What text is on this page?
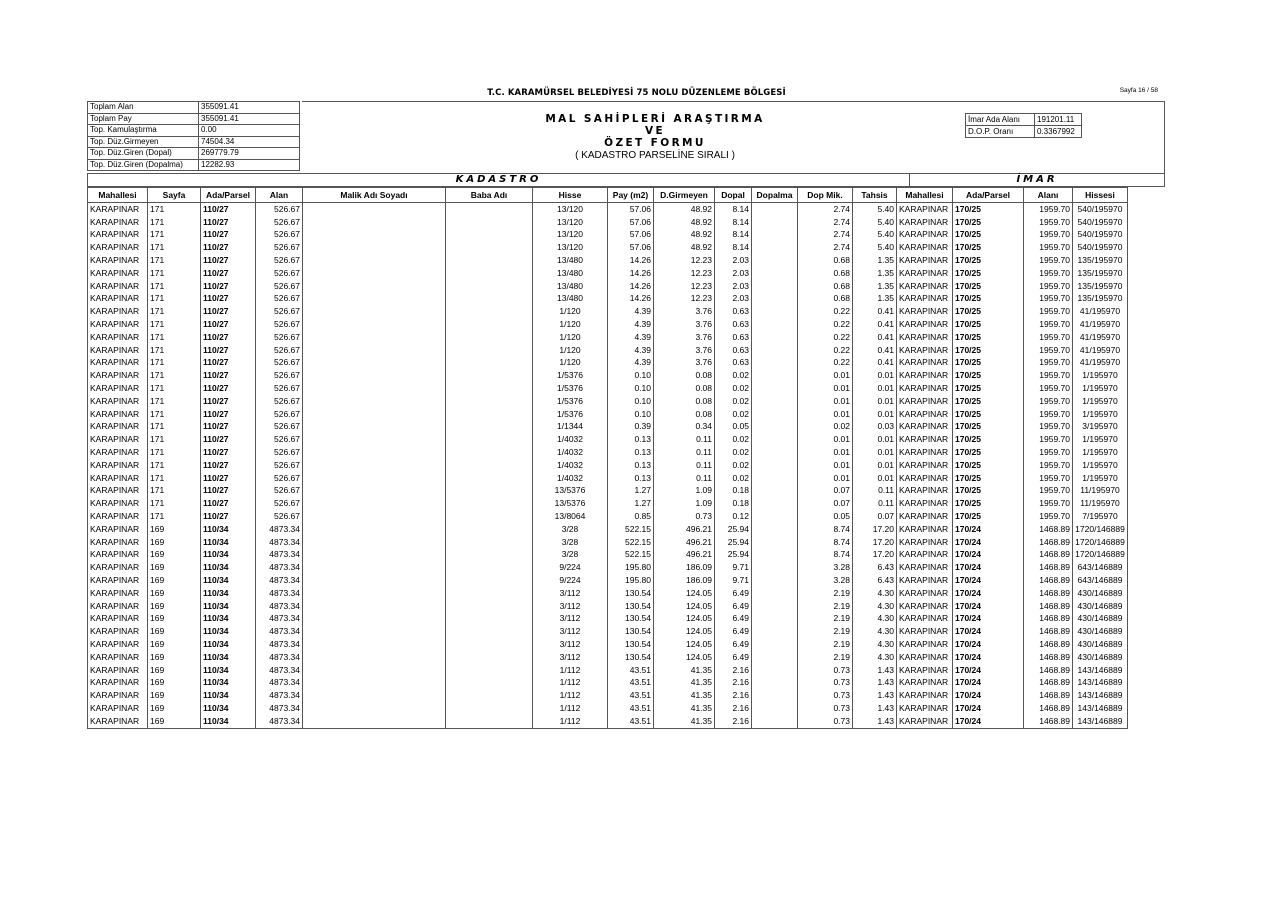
T.C. KARAMÜRSEL BELEDİYESİ 75 NOLU DÜZENLEME BÖLGESİ	Sayfa 16 / 58
Toplam Alan	355091.41
Toplam Pay	355091.41
Top. Kamulaştırma	0.00
Top. Düz.Girmeyen	74504.34
Top. Düz.Giren (Dopal)	269779.79
Top. Düz.Giren (Dopalma)	12282.93
MAL SAHİPLERİ ARAŞTIRMA
VE
ÖZET FORMU
( KADASTRO PARSELİNE SIRALI )
İmar Ada Alanı	191201.11
D.O.P. Oranı	0.3367992
KADASTRO	İMAR
Mahallesi	Sayfa	Ada/Parsel	Alan	Malik Adı Soyadı	Baba Adı	Hisse	Pay (m2)	D.Girmeyen	Dopal	Dopalma	Dop Mik.	Tahsis	Mahallesi	Ada/Parsel	Alanı	Hissesi
KARAPINAR	171	110/27	526.67			13/120	57.06	48.92	8.14		2.74	5.40	KARAPINAR	170/25	1959.70	540/195970
KARAPINAR	171	110/27	526.67			13/120	57.06	48.92	8.14		2.74	5.40	KARAPINAR	170/25	1959.70	540/195970
KARAPINAR	171	110/27	526.67			13/120	57.06	48.92	8.14		2.74	5.40	KARAPINAR	170/25	1959.70	540/195970
KARAPINAR	171	110/27	526.67			13/120	57.06	48.92	8.14		2.74	5.40	KARAPINAR	170/25	1959.70	540/195970
KARAPINAR	171	110/27	526.67			13/480	14.26	12.23	2.03		0.68	1.35	KARAPINAR	170/25	1959.70	135/195970
KARAPINAR	171	110/27	526.67			13/480	14.26	12.23	2.03		0.68	1.35	KARAPINAR	170/25	1959.70	135/195970
KARAPINAR	171	110/27	526.67			13/480	14.26	12.23	2.03		0.68	1.35	KARAPINAR	170/25	1959.70	135/195970
KARAPINAR	171	110/27	526.67			13/480	14.26	12.23	2.03		0.68	1.35	KARAPINAR	170/25	1959.70	135/195970
KARAPINAR	171	110/27	526.67			1/120	4.39	3.76	0.63		0.22	0.41	KARAPINAR	170/25	1959.70	41/195970
KARAPINAR	171	110/27	526.67			1/120	4.39	3.76	0.63		0.22	0.41	KARAPINAR	170/25	1959.70	41/195970
KARAPINAR	171	110/27	526.67			1/120	4.39	3.76	0.63		0.22	0.41	KARAPINAR	170/25	1959.70	41/195970
KARAPINAR	171	110/27	526.67			1/120	4.39	3.76	0.63		0.22	0.41	KARAPINAR	170/25	1959.70	41/195970
KARAPINAR	171	110/27	526.67			1/120	4.39	3.76	0.63		0.22	0.41	KARAPINAR	170/25	1959.70	41/195970
KARAPINAR	171	110/27	526.67			1/5376	0.10	0.08	0.02		0.01	0.01	KARAPINAR	170/25	1959.70	1/195970
KARAPINAR	171	110/27	526.67			1/5376	0.10	0.08	0.02		0.01	0.01	KARAPINAR	170/25	1959.70	1/195970
KARAPINAR	171	110/27	526.67			1/5376	0.10	0.08	0.02		0.01	0.01	KARAPINAR	170/25	1959.70	1/195970
KARAPINAR	171	110/27	526.67			1/5376	0.10	0.08	0.02		0.01	0.01	KARAPINAR	170/25	1959.70	1/195970
KARAPINAR	171	110/27	526.67			1/1344	0.39	0.34	0.05		0.02	0.03	KARAPINAR	170/25	1959.70	3/195970
KARAPINAR	171	110/27	526.67			1/4032	0.13	0.11	0.02		0.01	0.01	KARAPINAR	170/25	1959.70	1/195970
KARAPINAR	171	110/27	526.67			1/4032	0.13	0.11	0.02		0.01	0.01	KARAPINAR	170/25	1959.70	1/195970
KARAPINAR	171	110/27	526.67			1/4032	0.13	0.11	0.02		0.01	0.01	KARAPINAR	170/25	1959.70	1/195970
KARAPINAR	171	110/27	526.67			1/4032	0.13	0.11	0.02		0.01	0.01	KARAPINAR	170/25	1959.70	1/195970
KARAPINAR	171	110/27	526.67			13/5376	1.27	1.09	0.18		0.07	0.11	KARAPINAR	170/25	1959.70	11/195970
KARAPINAR	171	110/27	526.67			13/5376	1.27	1.09	0.18		0.07	0.11	KARAPINAR	170/25	1959.70	11/195970
KARAPINAR	171	110/27	526.67			13/8064	0.85	0.73	0.12		0.05	0.07	KARAPINAR	170/25	1959.70	7/195970
KARAPINAR	169	110/34	4873.34			3/28	522.15	496.21	25.94		8.74	17.20	KARAPINAR	170/24	1468.89	1720/146889
KARAPINAR	169	110/34	4873.34			3/28	522.15	496.21	25.94		8.74	17.20	KARAPINAR	170/24	1468.89	1720/146889
KARAPINAR	169	110/34	4873.34			3/28	522.15	496.21	25.94		8.74	17.20	KARAPINAR	170/24	1468.89	1720/146889
KARAPINAR	169	110/34	4873.34			9/224	195.80	186.09	9.71		3.28	6.43	KARAPINAR	170/24	1468.89	643/146889
KARAPINAR	169	110/34	4873.34			9/224	195.80	186.09	9.71		3.28	6.43	KARAPINAR	170/24	1468.89	643/146889
KARAPINAR	169	110/34	4873.34			3/112	130.54	124.05	6.49		2.19	4.30	KARAPINAR	170/24	1468.89	430/146889
KARAPINAR	169	110/34	4873.34			3/112	130.54	124.05	6.49		2.19	4.30	KARAPINAR	170/24	1468.89	430/146889
KARAPINAR	169	110/34	4873.34			3/112	130.54	124.05	6.49		2.19	4.30	KARAPINAR	170/24	1468.89	430/146889
KARAPINAR	169	110/34	4873.34			3/112	130.54	124.05	6.49		2.19	4.30	KARAPINAR	170/24	1468.89	430/146889
KARAPINAR	169	110/34	4873.34			3/112	130.54	124.05	6.49		2.19	4.30	KARAPINAR	170/24	1468.89	430/146889
KARAPINAR	169	110/34	4873.34			3/112	130.54	124.05	6.49		2.19	4.30	KARAPINAR	170/24	1468.89	430/146889
KARAPINAR	169	110/34	4873.34			1/112	43.51	41.35	2.16		0.73	1.43	KARAPINAR	170/24	1468.89	143/146889
KARAPINAR	169	110/34	4873.34			1/112	43.51	41.35	2.16		0.73	1.43	KARAPINAR	170/24	1468.89	143/146889
KARAPINAR	169	110/34	4873.34			1/112	43.51	41.35	2.16		0.73	1.43	KARAPINAR	170/24	1468.89	143/146889
KARAPINAR	169	110/34	4873.34			1/112	43.51	41.35	2.16		0.73	1.43	KARAPINAR	170/24	1468.89	143/146889
KARAPINAR	169	110/34	4873.34			1/112	43.51	41.35	2.16		0.73	1.43	KARAPINAR	170/24	1468.89	143/146889
